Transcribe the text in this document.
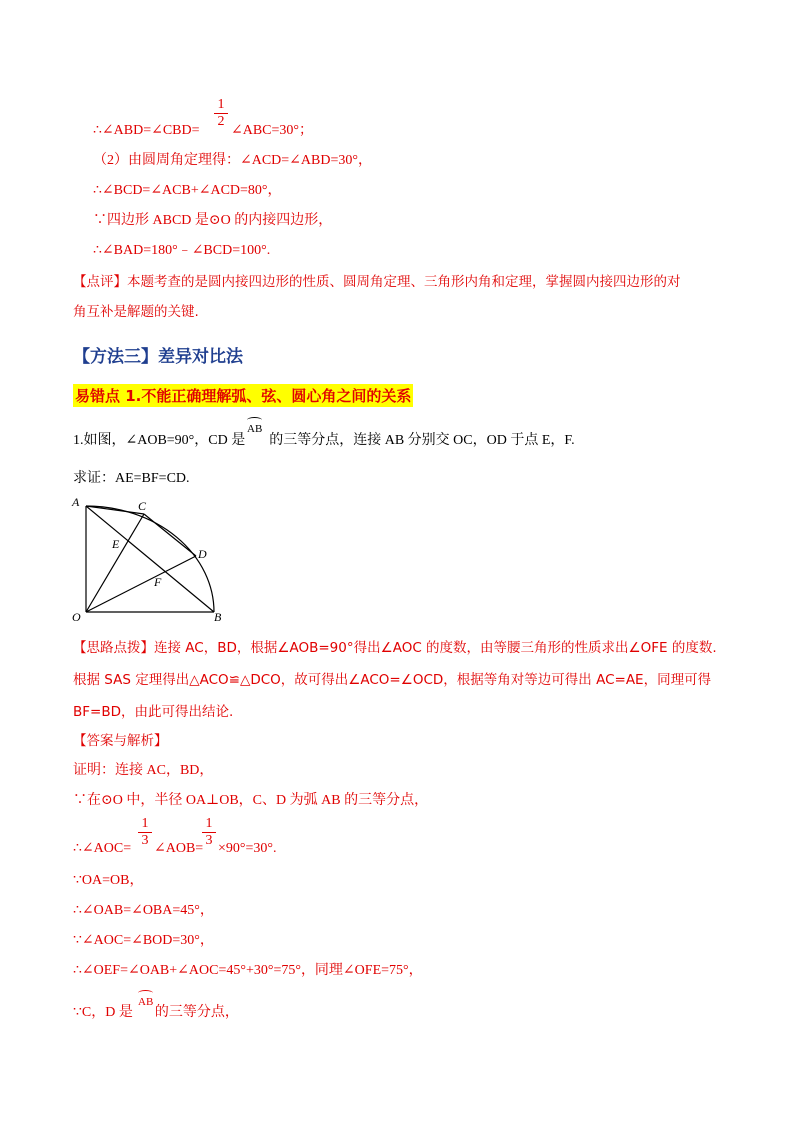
∴∠ABD=∠CBD=
1
2
∠ABC=30°；
（2）由圆周角定理得：∠ACD=∠ABD=30°，
∴∠BCD=∠ACB+∠ACD=80°，
∵四边形 ABCD 是⊙O 的内接四边形，
∴∠BAD=180°﹣∠BCD=100°.
【点评】本题考查的是圆内接四边形的性质、圆周角定理、三角形内角和定理，掌握圆内接四边形的对
角互补是解题的关键.
【方法三】差异对比法
易错点 1.不能正确理解弧、弦、圆心角之间的关系
1.如图，∠AOB=90°，CD 是 的三等分点，连接 AB 分别交 OC，OD 于点 E，F.
AB
求证：AE=BF=CD.
A	C
E
D
F
O	B
【思路点拨】连接 AC，BD，根据∠AOB=90°得出∠AOC 的度数，由等腰三角形的性质求出∠OFE 的度数.
根据 SAS 定理得出△ACO≌△DCO，故可得出∠ACO=∠OCD，根据等角对等边可得出 AC=AE，同理可得
BF=BD，由此可得出结论.
【答案与解析】
证明：连接 AC，BD，
∵在⊙O 中，半径 OA⊥OB，C、D 为弧 AB 的三等分点，
∴∠AOC=
1
3
∠AOB=
1
3
×90°=30°.
∵OA=OB，
∴∠OAB=∠OBA=45°，
∵∠AOC=∠BOD=30°，
∴∠OEF=∠OAB+∠AOC=45°+30°=75°，同理∠OFE=75°，
∵C，D 是 的三等分点，
AB
